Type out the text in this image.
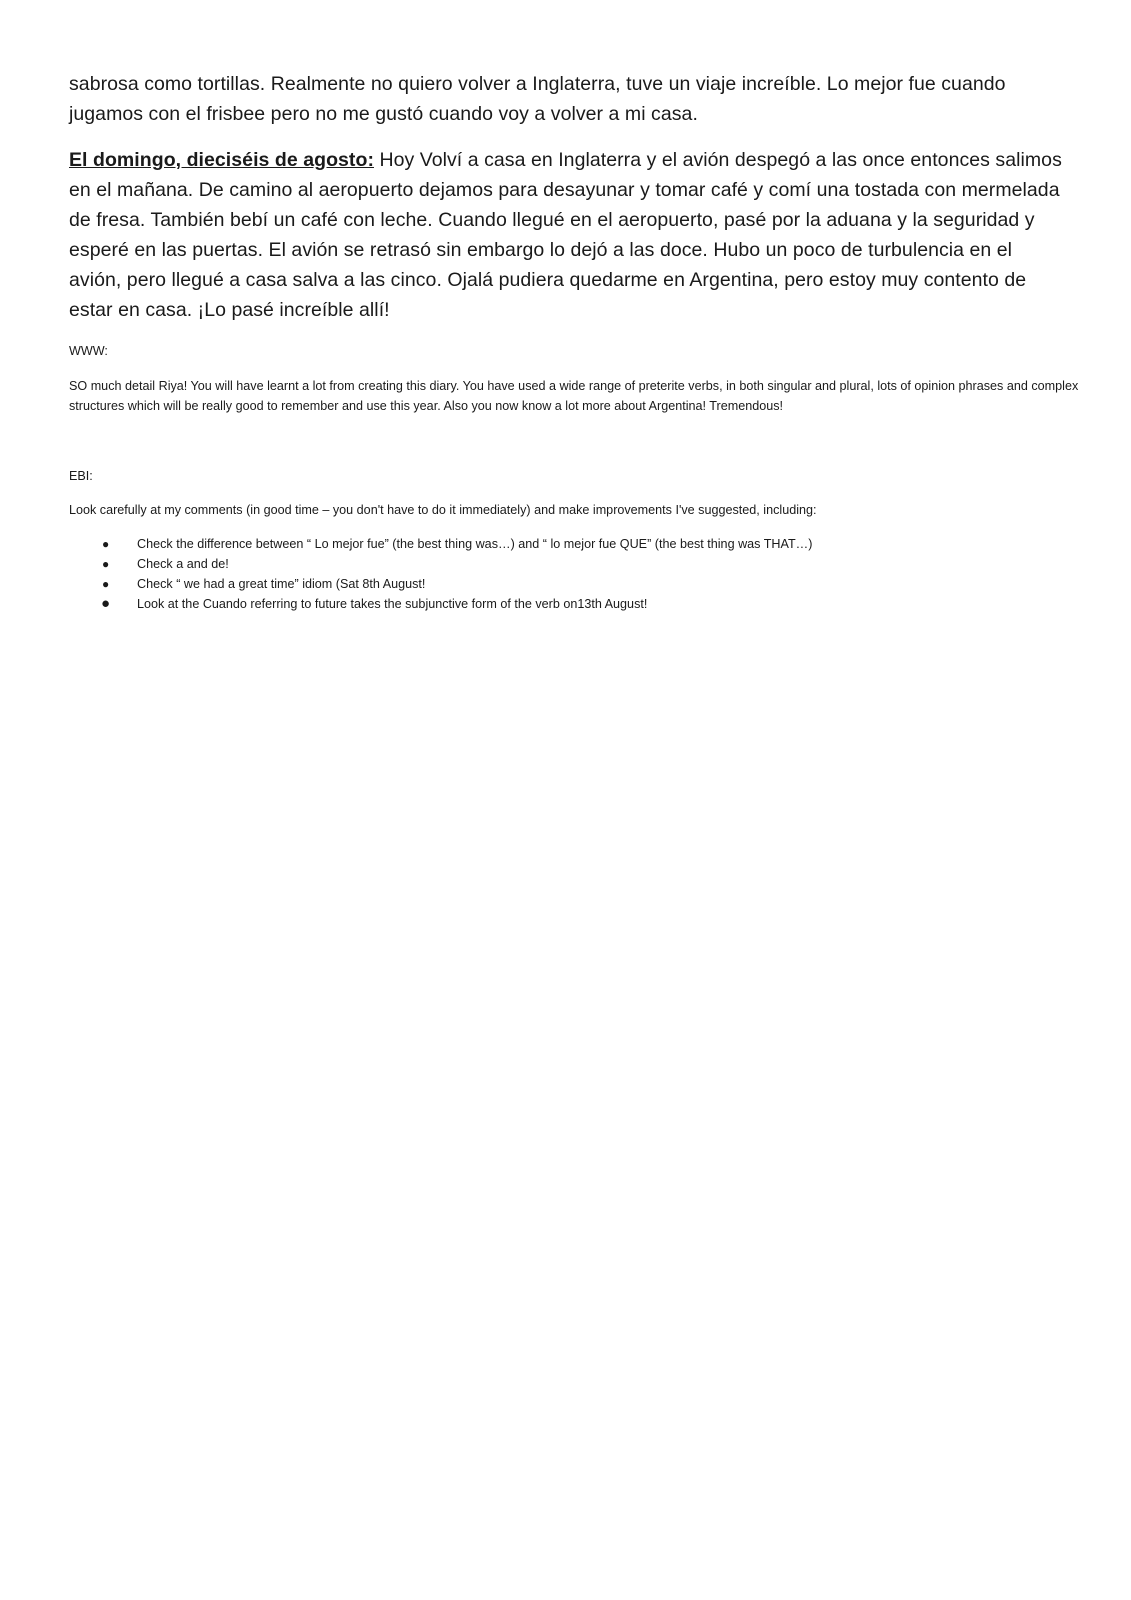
sabrosa como tortillas. Realmente no quiero volver a Inglaterra, tuve un viaje increíble. Lo mejor fue cuando jugamos con el frisbee pero no me gustó cuando voy a volver a mi casa.

El domingo, dieciséis de agosto: Hoy Volví a casa en Inglaterra y el avión despegó a las once entonces salimos en el mañana. De camino al aeropuerto dejamos para desayunar y tomar café y comí una tostada con mermelada de fresa. También bebí un café con leche. Cuando llegué en el aeropuerto, pasé por la aduana y la seguridad y esperé en las puertas. El avión se retrasó sin embargo lo dejó a las doce. Hubo un poco de turbulencia en el avión, pero llegué a casa salva a las cinco. Ojalá pudiera quedarme en Argentina, pero estoy muy contento de estar en casa. ¡Lo pasé increíble allí!

WWW:

SO much detail Riya! You will have learnt a lot from creating this diary. You have used a wide range of preterite verbs, in both singular and plural, lots of opinion phrases and complex structures which will be really good to remember and use this year. Also you now know a lot more about Argentina! Tremendous!

EBI:

Look carefully at my comments (in good time – you don't have to do it immediately) and make improvements I've suggested, including:

● Check the difference between “ Lo mejor fue” (the best thing was…) and “ lo mejor fue QUE” (the best thing was THAT…)
● Check a and de!
● Check “ we had a great time” idiom (Sat 8th August!
● Look at the Cuando referring to future takes the subjunctive form of the verb on13th August!
